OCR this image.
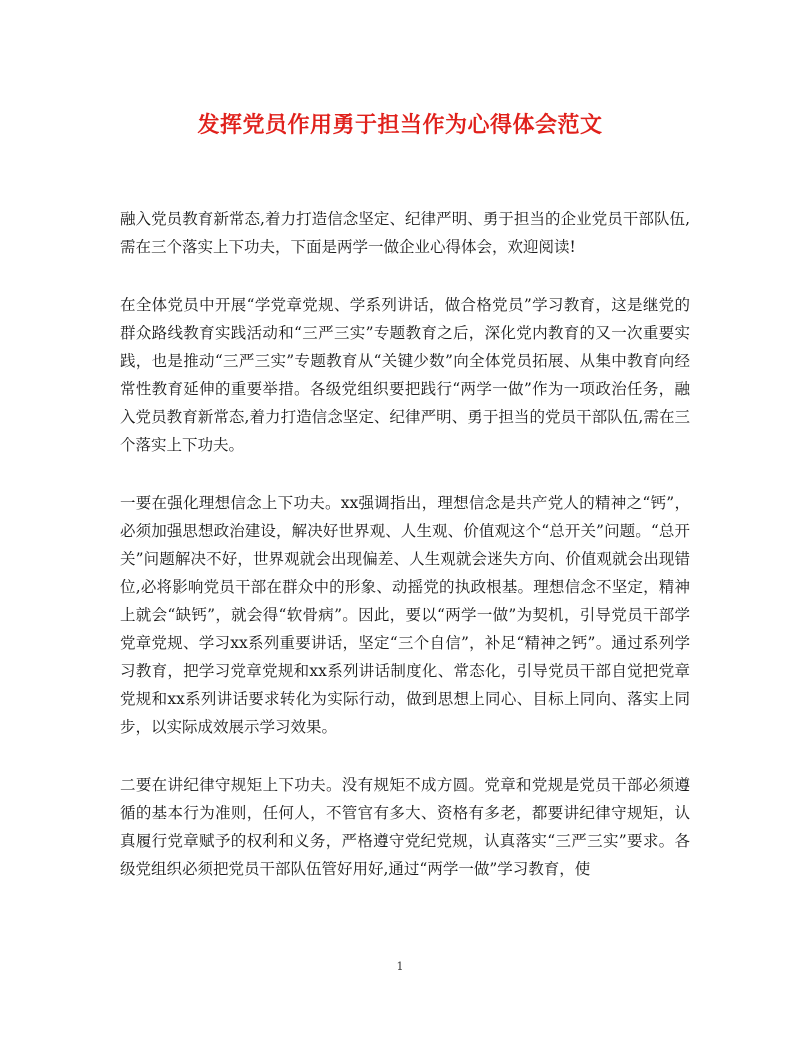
发挥党员作用勇于担当作为心得体会范文

融入党员教育新常态,着力打造信念坚定、纪律严明、勇于担当的企业党员干部队伍,需在三个落实上下功夫，下面是两学一做企业心得体会，欢迎阅读!

在全体党员中开展“学党章党规、学系列讲话，做合格党员”学习教育，这是继党的群众路线教育实践活动和“三严三实”专题教育之后，深化党内教育的又一次重要实践，也是推动“三严三实”专题教育从“关键少数”向全体党员拓展、从集中教育向经常性教育延伸的重要举措。各级党组织要把践行“两学一做”作为一项政治任务，融入党员教育新常态,着力打造信念坚定、纪律严明、勇于担当的党员干部队伍,需在三个落实上下功夫。

一要在强化理想信念上下功夫。xx强调指出，理想信念是共产党人的精神之“钙”，必须加强思想政治建设，解决好世界观、人生观、价值观这个“总开关”问题。“总开关”问题解决不好，世界观就会出现偏差、人生观就会迷失方向、价值观就会出现错位,必将影响党员干部在群众中的形象、动摇党的执政根基。理想信念不坚定，精神上就会“缺钙”，就会得“软骨病”。因此，要以“两学一做”为契机，引导党员干部学党章党规、学习xx系列重要讲话，坚定“三个自信”，补足“精神之钙”。通过系列学习教育，把学习党章党规和xx系列讲话制度化、常态化，引导党员干部自觉把党章党规和xx系列讲话要求转化为实际行动，做到思想上同心、目标上同向、落实上同步，以实际成效展示学习效果。

二要在讲纪律守规矩上下功夫。没有规矩不成方圆。党章和党规是党员干部必须遵循的基本行为准则，任何人，不管官有多大、资格有多老，都要讲纪律守规矩，认真履行党章赋予的权利和义务，严格遵守党纪党规，认真落实“三严三实”要求。各级党组织必须把党员干部队伍管好用好,通过“两学一做”学习教育，使

1
